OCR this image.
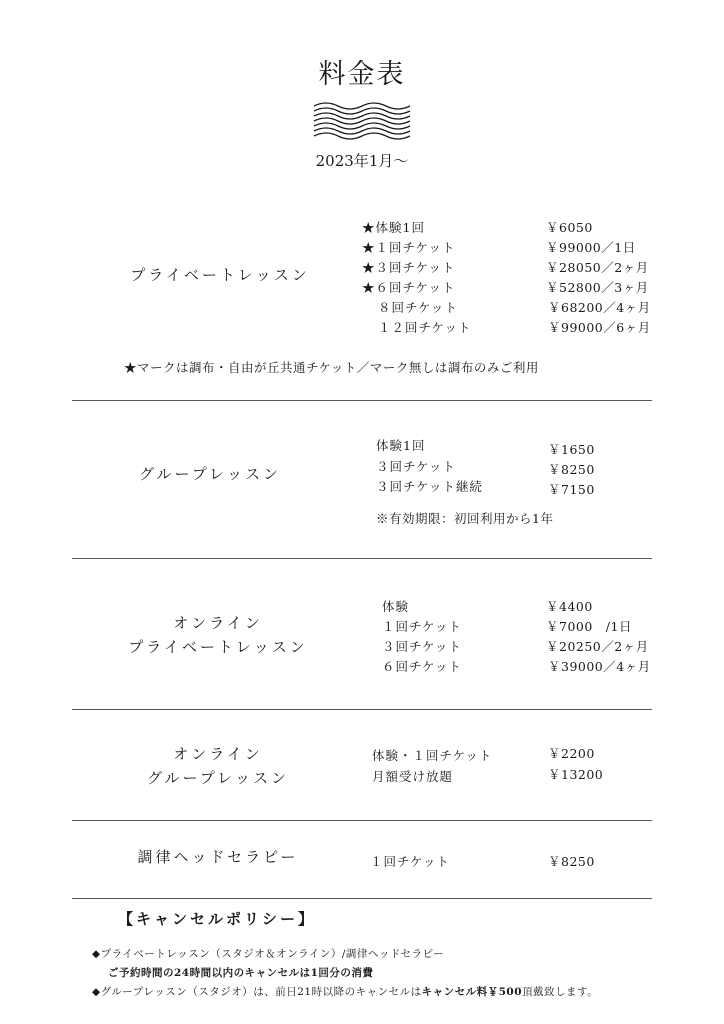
料金表
2023年1月〜
プライベートレッスン
★体験1回	￥6050
★１回チケット	￥99000／1日
★３回チケット	￥28050／2ヶ月
★６回チケット	￥52800／3ヶ月
８回チケット	￥68200／4ヶ月
１２回チケット	￥99000／6ヶ月
★マークは調布・自由が丘共通チケット／マーク無しは調布のみご利用
グループレッスン
体験1回	￥1650
３回チケット	￥8250
３回チケット継続	￥7150
※有効期限：初回利用から1年
オンライン
プライベートレッスン
体験	￥4400
１回チケット	￥7000　/1日
３回チケット	￥20250／2ヶ月
６回チケット	￥39000／4ヶ月
オンライン
グループレッスン
体験・１回チケット	￥2200
月額受け放題	￥13200
調律ヘッドセラピー	１回チケット	￥8250
【キャンセルポリシー】
◆プライベートレッスン（スタジオ＆オンライン）/調律ヘッドセラピー
ご予約時間の24時間以内のキャンセルは1回分の消費
◆グループレッスン（スタジオ）は、前日21時以降のキャンセルはキャンセル料￥500頂戴致します。
